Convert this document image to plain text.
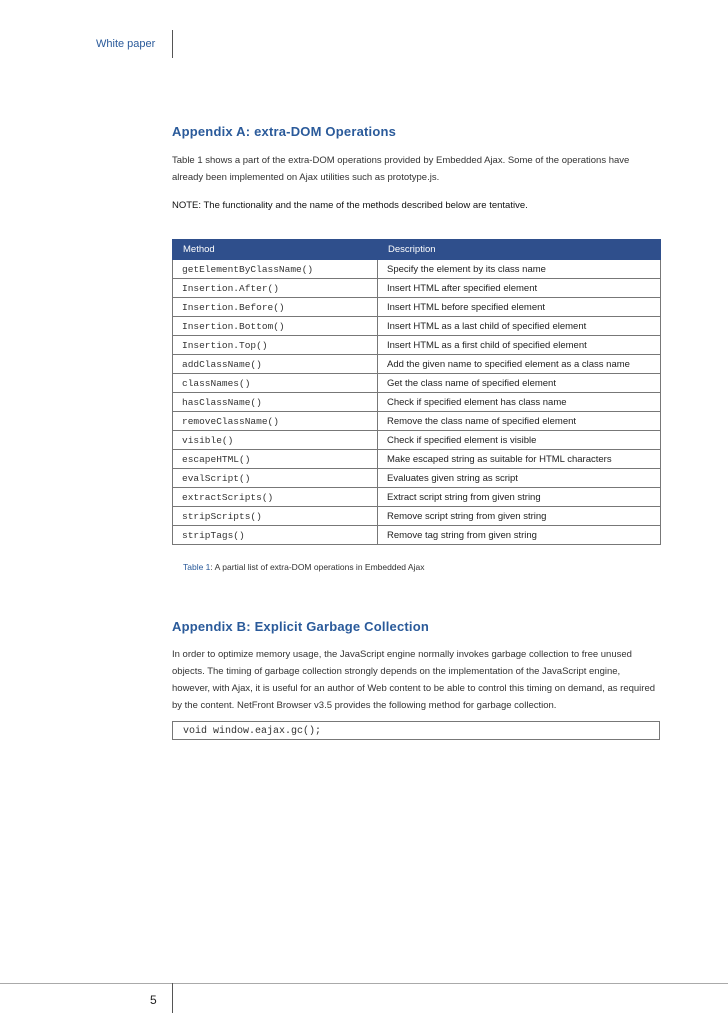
White paper
Appendix A: extra-DOM Operations

Table 1 shows a part of the extra-DOM operations provided by Embedded Ajax. Some of the operations have already been implemented on Ajax utilities such as prototype.js.

NOTE: The functionality and the name of the methods described below are tentative.

Method	Description
getElementByClassName()	Specify the element by its class name
Insertion.After()	Insert HTML after specified element
Insertion.Before()	Insert HTML before specified element
Insertion.Bottom()	Insert HTML as a last child of specified element
Insertion.Top()	Insert HTML as a first child of specified element
addClassName()	Add the given name to specified element as a class name
classNames()	Get the class name of specified element
hasClassName()	Check if specified element has class name
removeClassName()	Remove the class name of specified element
visible()	Check if specified element is visible
escapeHTML()	Make escaped string as suitable for HTML characters
evalScript()	Evaluates given string as script
extractScripts()	Extract script string from given string
stripScripts()	Remove script string from given string
stripTags()	Remove tag string from given string
Table 1: A partial list of extra-DOM operations in Embedded Ajax
Appendix B: Explicit Garbage Collection

In order to optimize memory usage, the JavaScript engine normally invokes garbage collection to free unused objects. The timing of garbage collection strongly depends on the implementation of the JavaScript engine, however, with Ajax, it is useful for an author of Web content to be able to control this timing on demand, as required by the content. NetFront Browser v3.5 provides the following method for garbage collection.

void window.eajax.gc();
5
